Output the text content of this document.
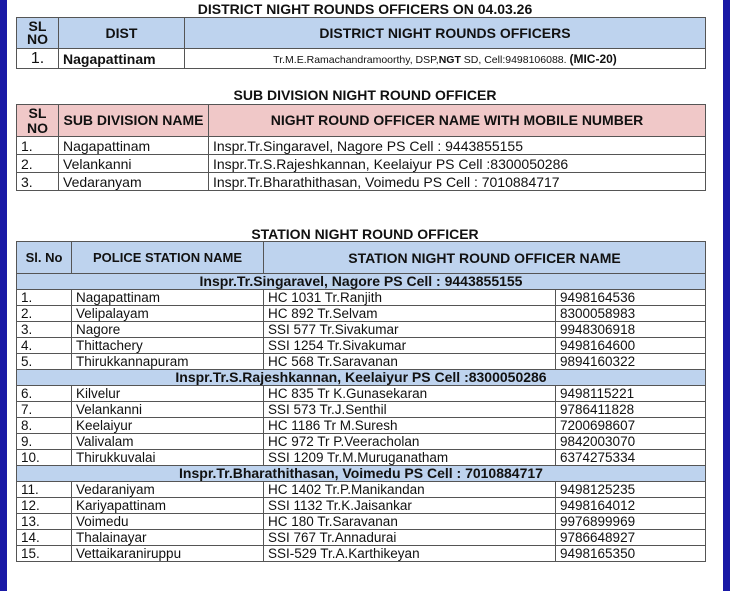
DISTRICT NIGHT ROUNDS OFFICERS ON 04.03.26
SL NO	DIST	DISTRICT NIGHT ROUNDS OFFICERS
1.	Nagapattinam	Tr.M.E.Ramachandramoorthy, DSP,NGT SD, Cell:9498106088. (MIC-20)
SUB DIVISION NIGHT ROUND OFFICER
SL NO	SUB DIVISION NAME	NIGHT ROUND OFFICER NAME WITH MOBILE NUMBER
1.	Nagapattinam	Inspr.Tr.Singaravel, Nagore PS Cell : 9443855155
2.	Velankanni	Inspr.Tr.S.Rajeshkannan, Keelaiyur PS Cell :8300050286
3.	Vedaranyam	Inspr.Tr.Bharathithasan, Voimedu PS Cell : 7010884717
STATION NIGHT ROUND OFFICER
Sl. No	POLICE STATION NAME	STATION NIGHT ROUND OFFICER NAME	
Inspr.Tr.Singaravel, Nagore PS Cell : 9443855155			
1.	Nagapattinam	HC 1031 Tr.Ranjith	9498164536
2.	Velipalayam	HC 892 Tr.Selvam	8300058983
3.	Nagore	SSI 577 Tr.Sivakumar	9948306918
4.	Thittachery	SSI 1254 Tr.Sivakumar	9498164600
5.	Thirukkannapuram	HC 568 Tr.Saravanan	9894160322
Inspr.Tr.S.Rajeshkannan, Keelaiyur PS Cell :8300050286			
6.	Kilvelur	HC 835 Tr K.Gunasekaran	9498115221
7.	Velankanni	SSI 573 Tr.J.Senthil	9786411828
8.	Keelaiyur	HC 1186 Tr M.Suresh	7200698607
9.	Valivalam	HC 972 Tr P.Veeracholan	9842003070
10.	Thirukkuvalai	SSI 1209 Tr.M.Muruganatham	6374275334
Inspr.Tr.Bharathithasan, Voimedu PS Cell : 7010884717			
11.	Vedaraniyam	HC 1402 Tr.P.Manikandan	9498125235
12.	Kariyapattinam	SSI 1132 Tr.K.Jaisankar	9498164012
13.	Voimedu	HC 180 Tr.Saravanan	9976899969
14.	Thalainayar	SSI 767 Tr.Annadurai	9786648927
15.	Vettaikaraniruppu	SSI-529 Tr.A.Karthikeyan	9498165350
